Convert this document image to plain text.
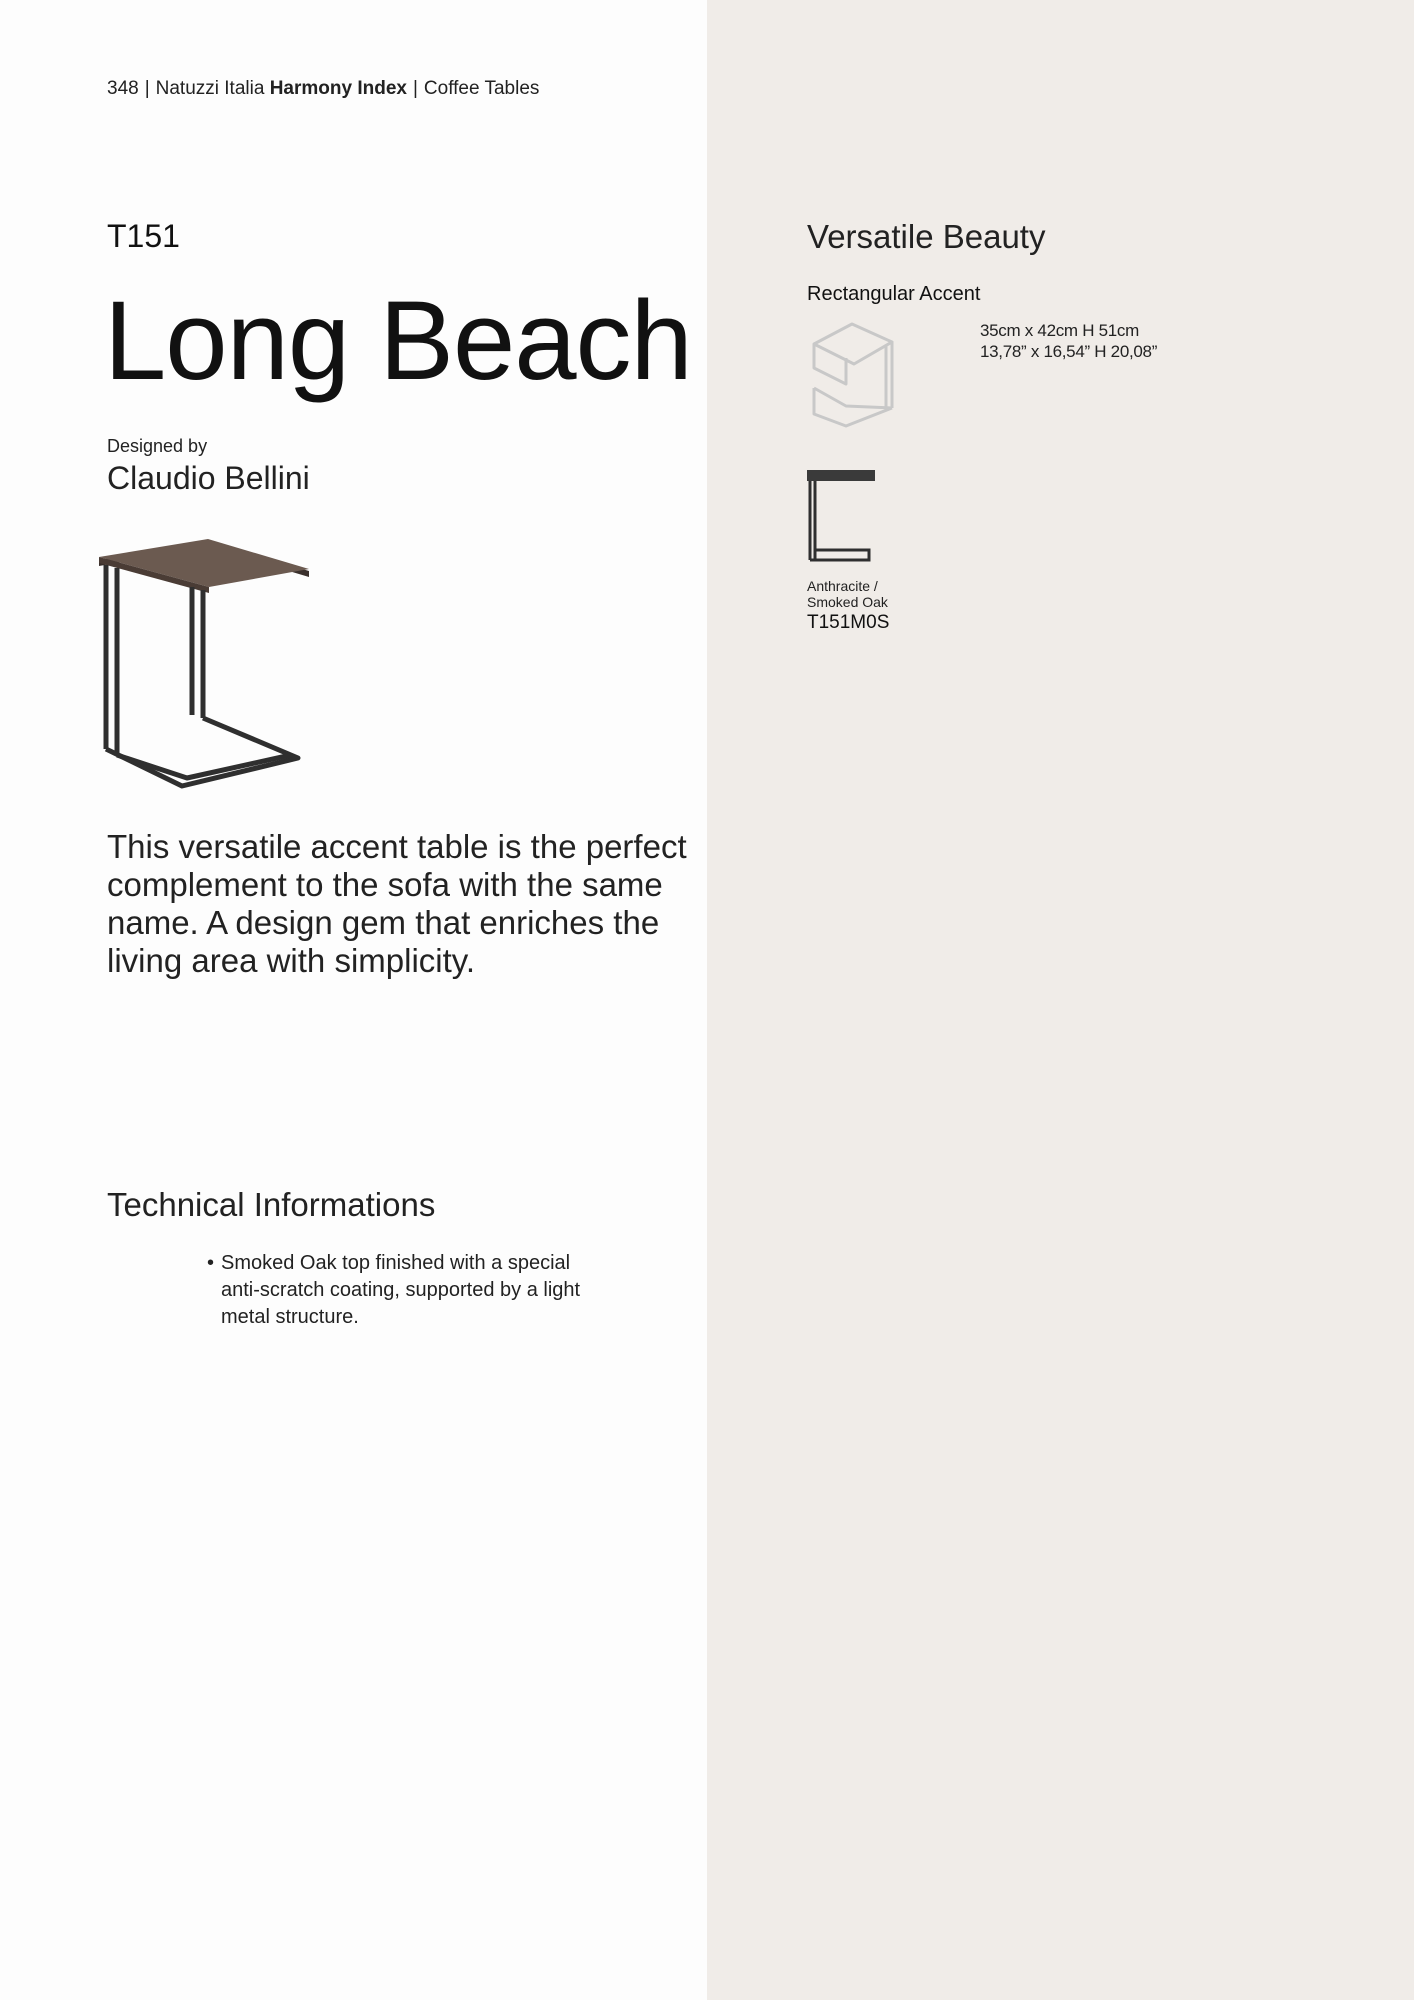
348 | Natuzzi Italia Harmony Index | Coffee Tables
T151
Long Beach
Designed by
Claudio Bellini
This versatile accent table is the perfect complement to the sofa with the same name. A design gem that enriches the living area with simplicity.
Technical Informations
• Smoked Oak top finished with a special anti-scratch coating, supported by a light metal structure.
Versatile Beauty
Rectangular Accent
35cm x 42cm H 51cm
13,78” x 16,54” H 20,08”
Anthracite /
Smoked Oak
T151M0S
